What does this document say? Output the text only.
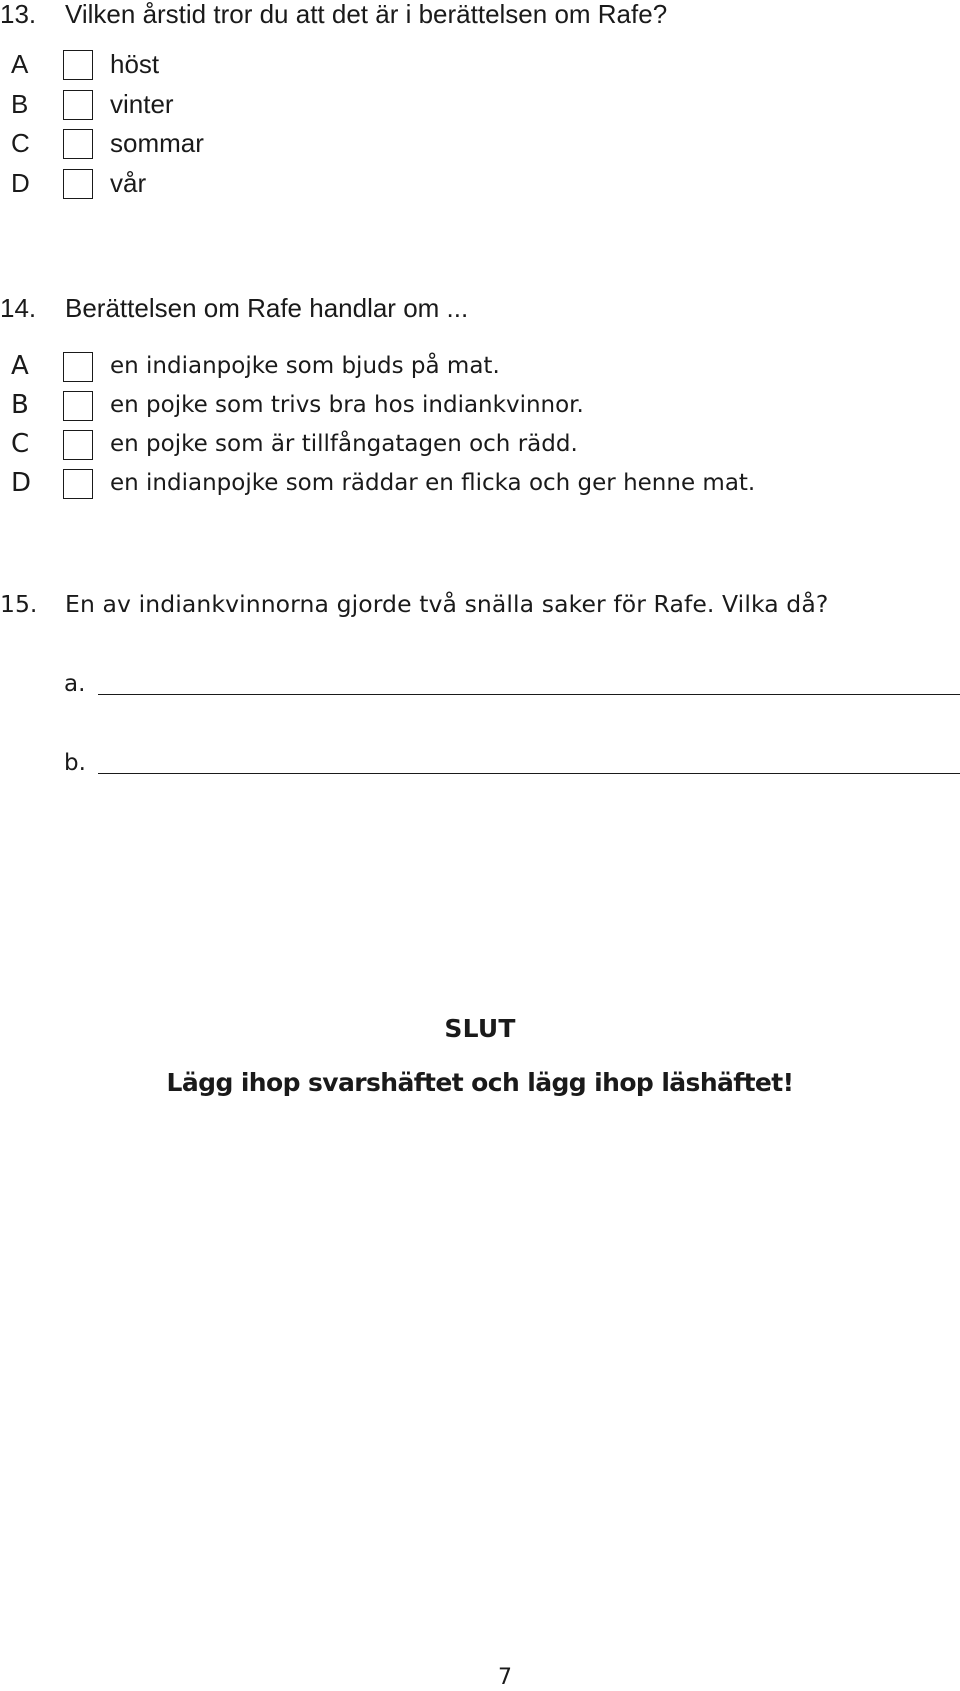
13. Vilken årstid tror du att det är i berättelsen om Rafe?
A	höst
B	vinter
C	sommar
D	vår
14. Berättelsen om Rafe handlar om ...
A	en indianpojke som bjuds på mat.
B	en pojke som trivs bra hos indiankvinnor.
C	en pojke som är tillfångatagen och rädd.
D	en indianpojke som räddar en flicka och ger henne mat.
15. En av indiankvinnorna gjorde två snälla saker för Rafe. Vilka då?
a.
b.
SLUT
Lägg ihop svarshäftet och lägg ihop läshäftet!
7
